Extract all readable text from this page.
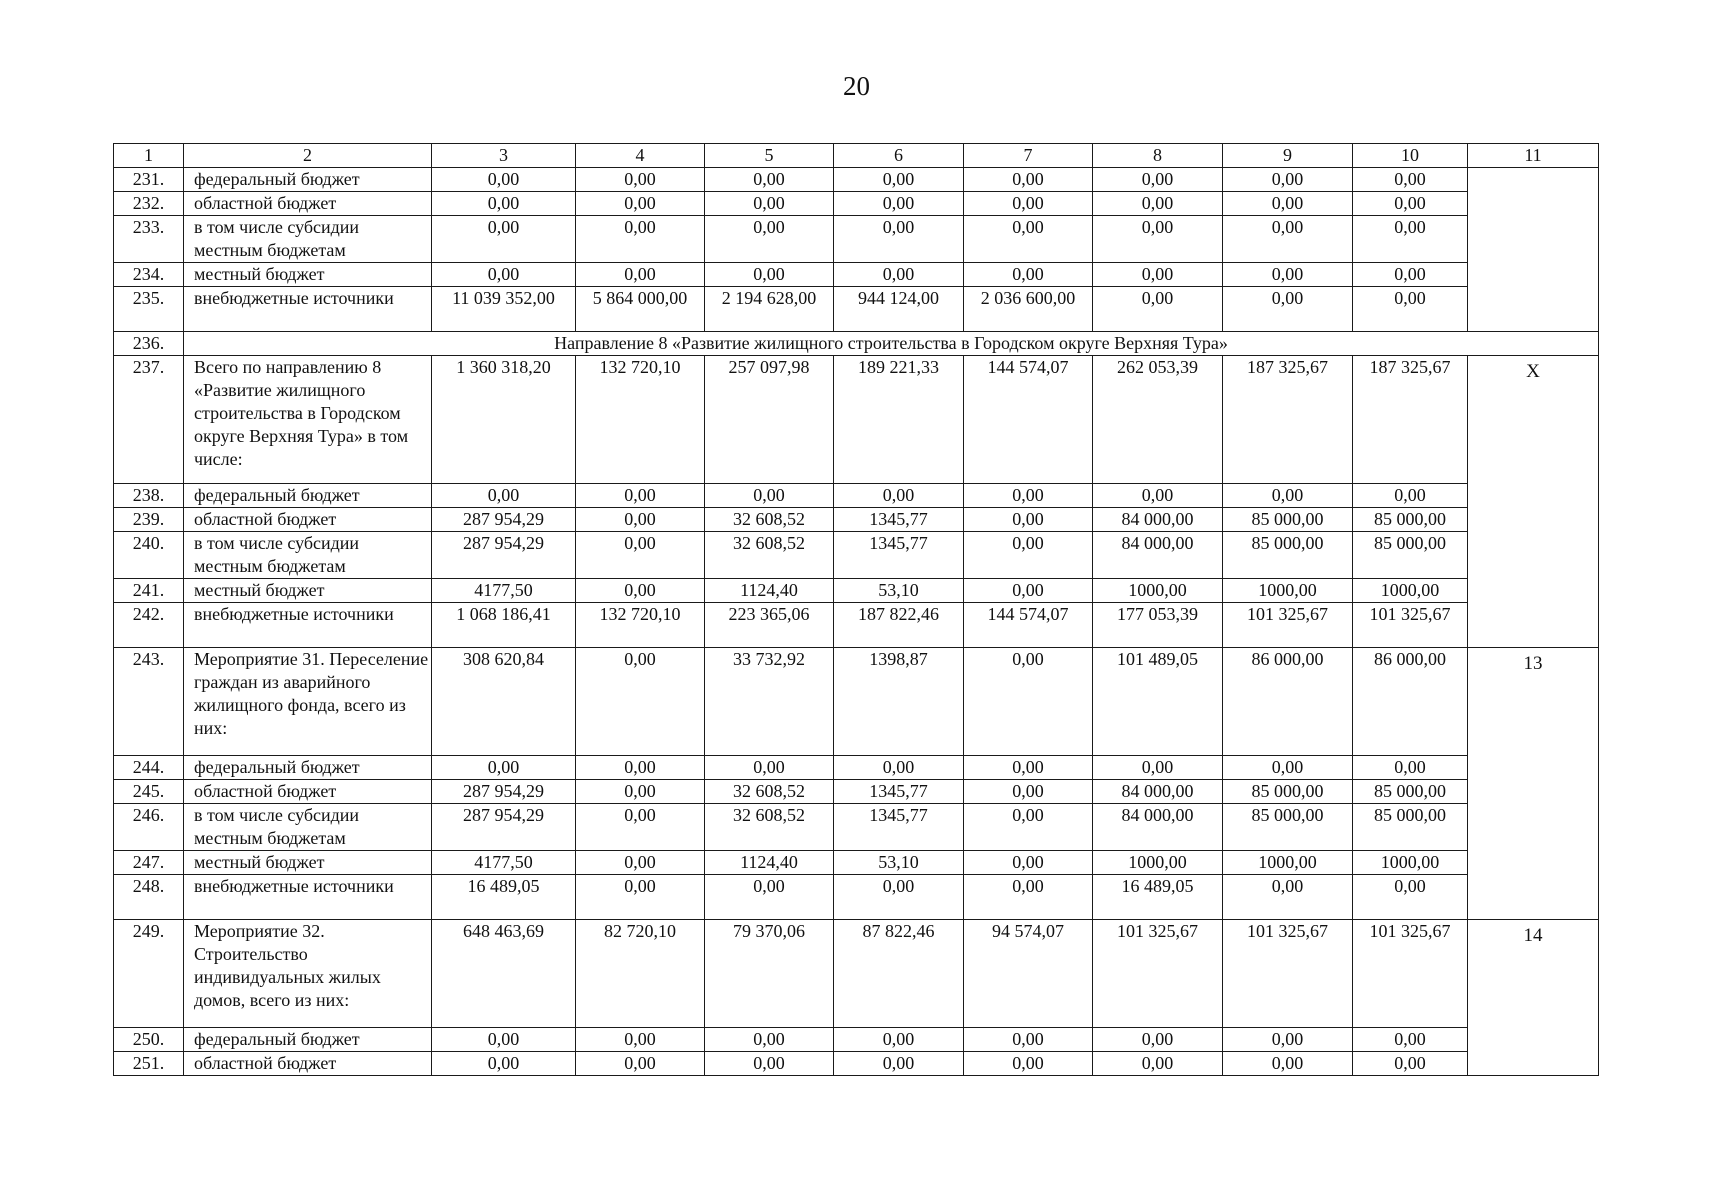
20
1	2	3	4	5	6	7	8	9	10	11
231.	федеральный бюджет	0,00	0,00	0,00	0,00	0,00	0,00	0,00	0,00	
232.	областной бюджет	0,00	0,00	0,00	0,00	0,00	0,00	0,00	0,00	
233.	в том числе субсидии местным бюджетам	0,00	0,00	0,00	0,00	0,00	0,00	0,00	0,00	
234.	местный бюджет	0,00	0,00	0,00	0,00	0,00	0,00	0,00	0,00	
235.	внебюджетные источники	11 039 352,00	5 864 000,00	2 194 628,00	944 124,00	2 036 600,00	0,00	0,00	0,00	
236.	Направление 8 «Развитие жилищного строительства в Городском округе Верхняя Тура»									
237.	Всего по направлению 8 «Развитие жилищного строительства в Городском округе Верхняя Тура» в том числе:	1 360 318,20	132 720,10	257 097,98	189 221,33	144 574,07	262 053,39	187 325,67	187 325,67	X

238.	федеральный бюджет	0,00	0,00	0,00	0,00	0,00	0,00	0,00	0,00	
239.	областной бюджет	287 954,29	0,00	32 608,52	1345,77	0,00	84 000,00	85 000,00	85 000,00	
240.	в том числе субсидии местным бюджетам	287 954,29	0,00	32 608,52	1345,77	0,00	84 000,00	85 000,00	85 000,00	
241.	местный бюджет	4177,50	0,00	1124,40	53,10	0,00	1000,00	1000,00	1000,00	
242.	внебюджетные источники	1 068 186,41	132 720,10	223 365,06	187 822,46	144 574,07	177 053,39	101 325,67	101 325,67	
243.	Мероприятие 31. Переселение граждан из аварийного жилищного фонда, всего из них:	308 620,84	0,00	33 732,92	1398,87	0,00	101 489,05	86 000,00	86 000,00	13

244.	федеральный бюджет	0,00	0,00	0,00	0,00	0,00	0,00	0,00	0,00	
245.	областной бюджет	287 954,29	0,00	32 608,52	1345,77	0,00	84 000,00	85 000,00	85 000,00	
246.	в том числе субсидии местным бюджетам	287 954,29	0,00	32 608,52	1345,77	0,00	84 000,00	85 000,00	85 000,00	
247.	местный бюджет	4177,50	0,00	1124,40	53,10	0,00	1000,00	1000,00	1000,00	
248.	внебюджетные источники	16 489,05	0,00	0,00	0,00	0,00	16 489,05	0,00	0,00	
249.	Мероприятие 32. Строительство индивидуальных жилых домов, всего из них:	648 463,69	82 720,10	79 370,06	87 822,46	94 574,07	101 325,67	101 325,67	101 325,67	14

250.	федеральный бюджет	0,00	0,00	0,00	0,00	0,00	0,00	0,00	0,00	
251.	областной бюджет	0,00	0,00	0,00	0,00	0,00	0,00	0,00	0,00	
